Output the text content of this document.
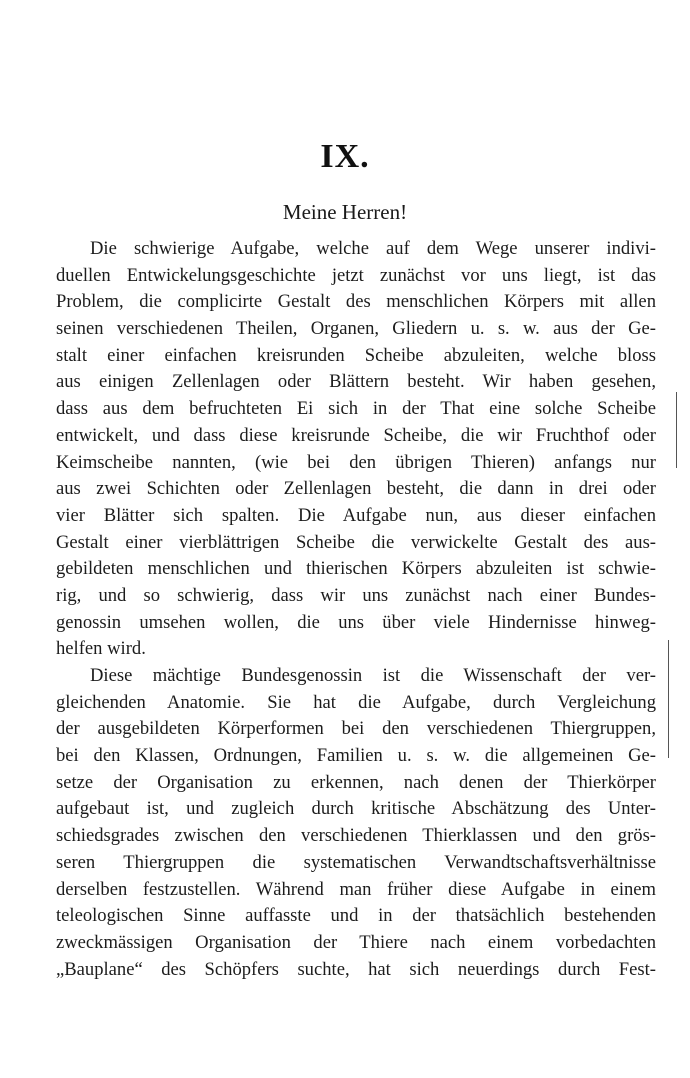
IX.
Meine Herren!
Die schwierige Aufgabe, welche auf dem Wege unserer indivi-
duellen Entwickelungsgeschichte jetzt zunächst vor uns liegt, ist das
Problem, die complicirte Gestalt des menschlichen Körpers mit allen
seinen verschiedenen Theilen, Organen, Gliedern u. s. w. aus der Ge-
stalt einer einfachen kreisrunden Scheibe abzuleiten, welche bloss
aus einigen Zellenlagen oder Blättern besteht. Wir haben gesehen,
dass aus dem befruchteten Ei sich in der That eine solche Scheibe
entwickelt, und dass diese kreisrunde Scheibe, die wir Fruchthof oder
Keimscheibe nannten, (wie bei den übrigen Thieren) anfangs nur
aus zwei Schichten oder Zellenlagen besteht, die dann in drei oder
vier Blätter sich spalten. Die Aufgabe nun, aus dieser einfachen
Gestalt einer vierblättrigen Scheibe die verwickelte Gestalt des aus-
gebildeten menschlichen und thierischen Körpers abzuleiten ist schwie-
rig, und so schwierig, dass wir uns zunächst nach einer Bundes-
genossin umsehen wollen, die uns über viele Hindernisse hinweg-
helfen wird.
Diese mächtige Bundesgenossin ist die Wissenschaft der ver-
gleichenden Anatomie. Sie hat die Aufgabe, durch Vergleichung
der ausgebildeten Körperformen bei den verschiedenen Thiergruppen,
bei den Klassen, Ordnungen, Familien u. s. w. die allgemeinen Ge-
setze der Organisation zu erkennen, nach denen der Thierkörper
aufgebaut ist, und zugleich durch kritische Abschätzung des Unter-
schiedsgrades zwischen den verschiedenen Thierklassen und den grös-
seren Thiergruppen die systematischen Verwandtschaftsverhältnisse
derselben festzustellen. Während man früher diese Aufgabe in einem
teleologischen Sinne auffasste und in der thatsächlich bestehenden
zweckmässigen Organisation der Thiere nach einem vorbedachten
„Bauplane“ des Schöpfers suchte, hat sich neuerdings durch Fest-
